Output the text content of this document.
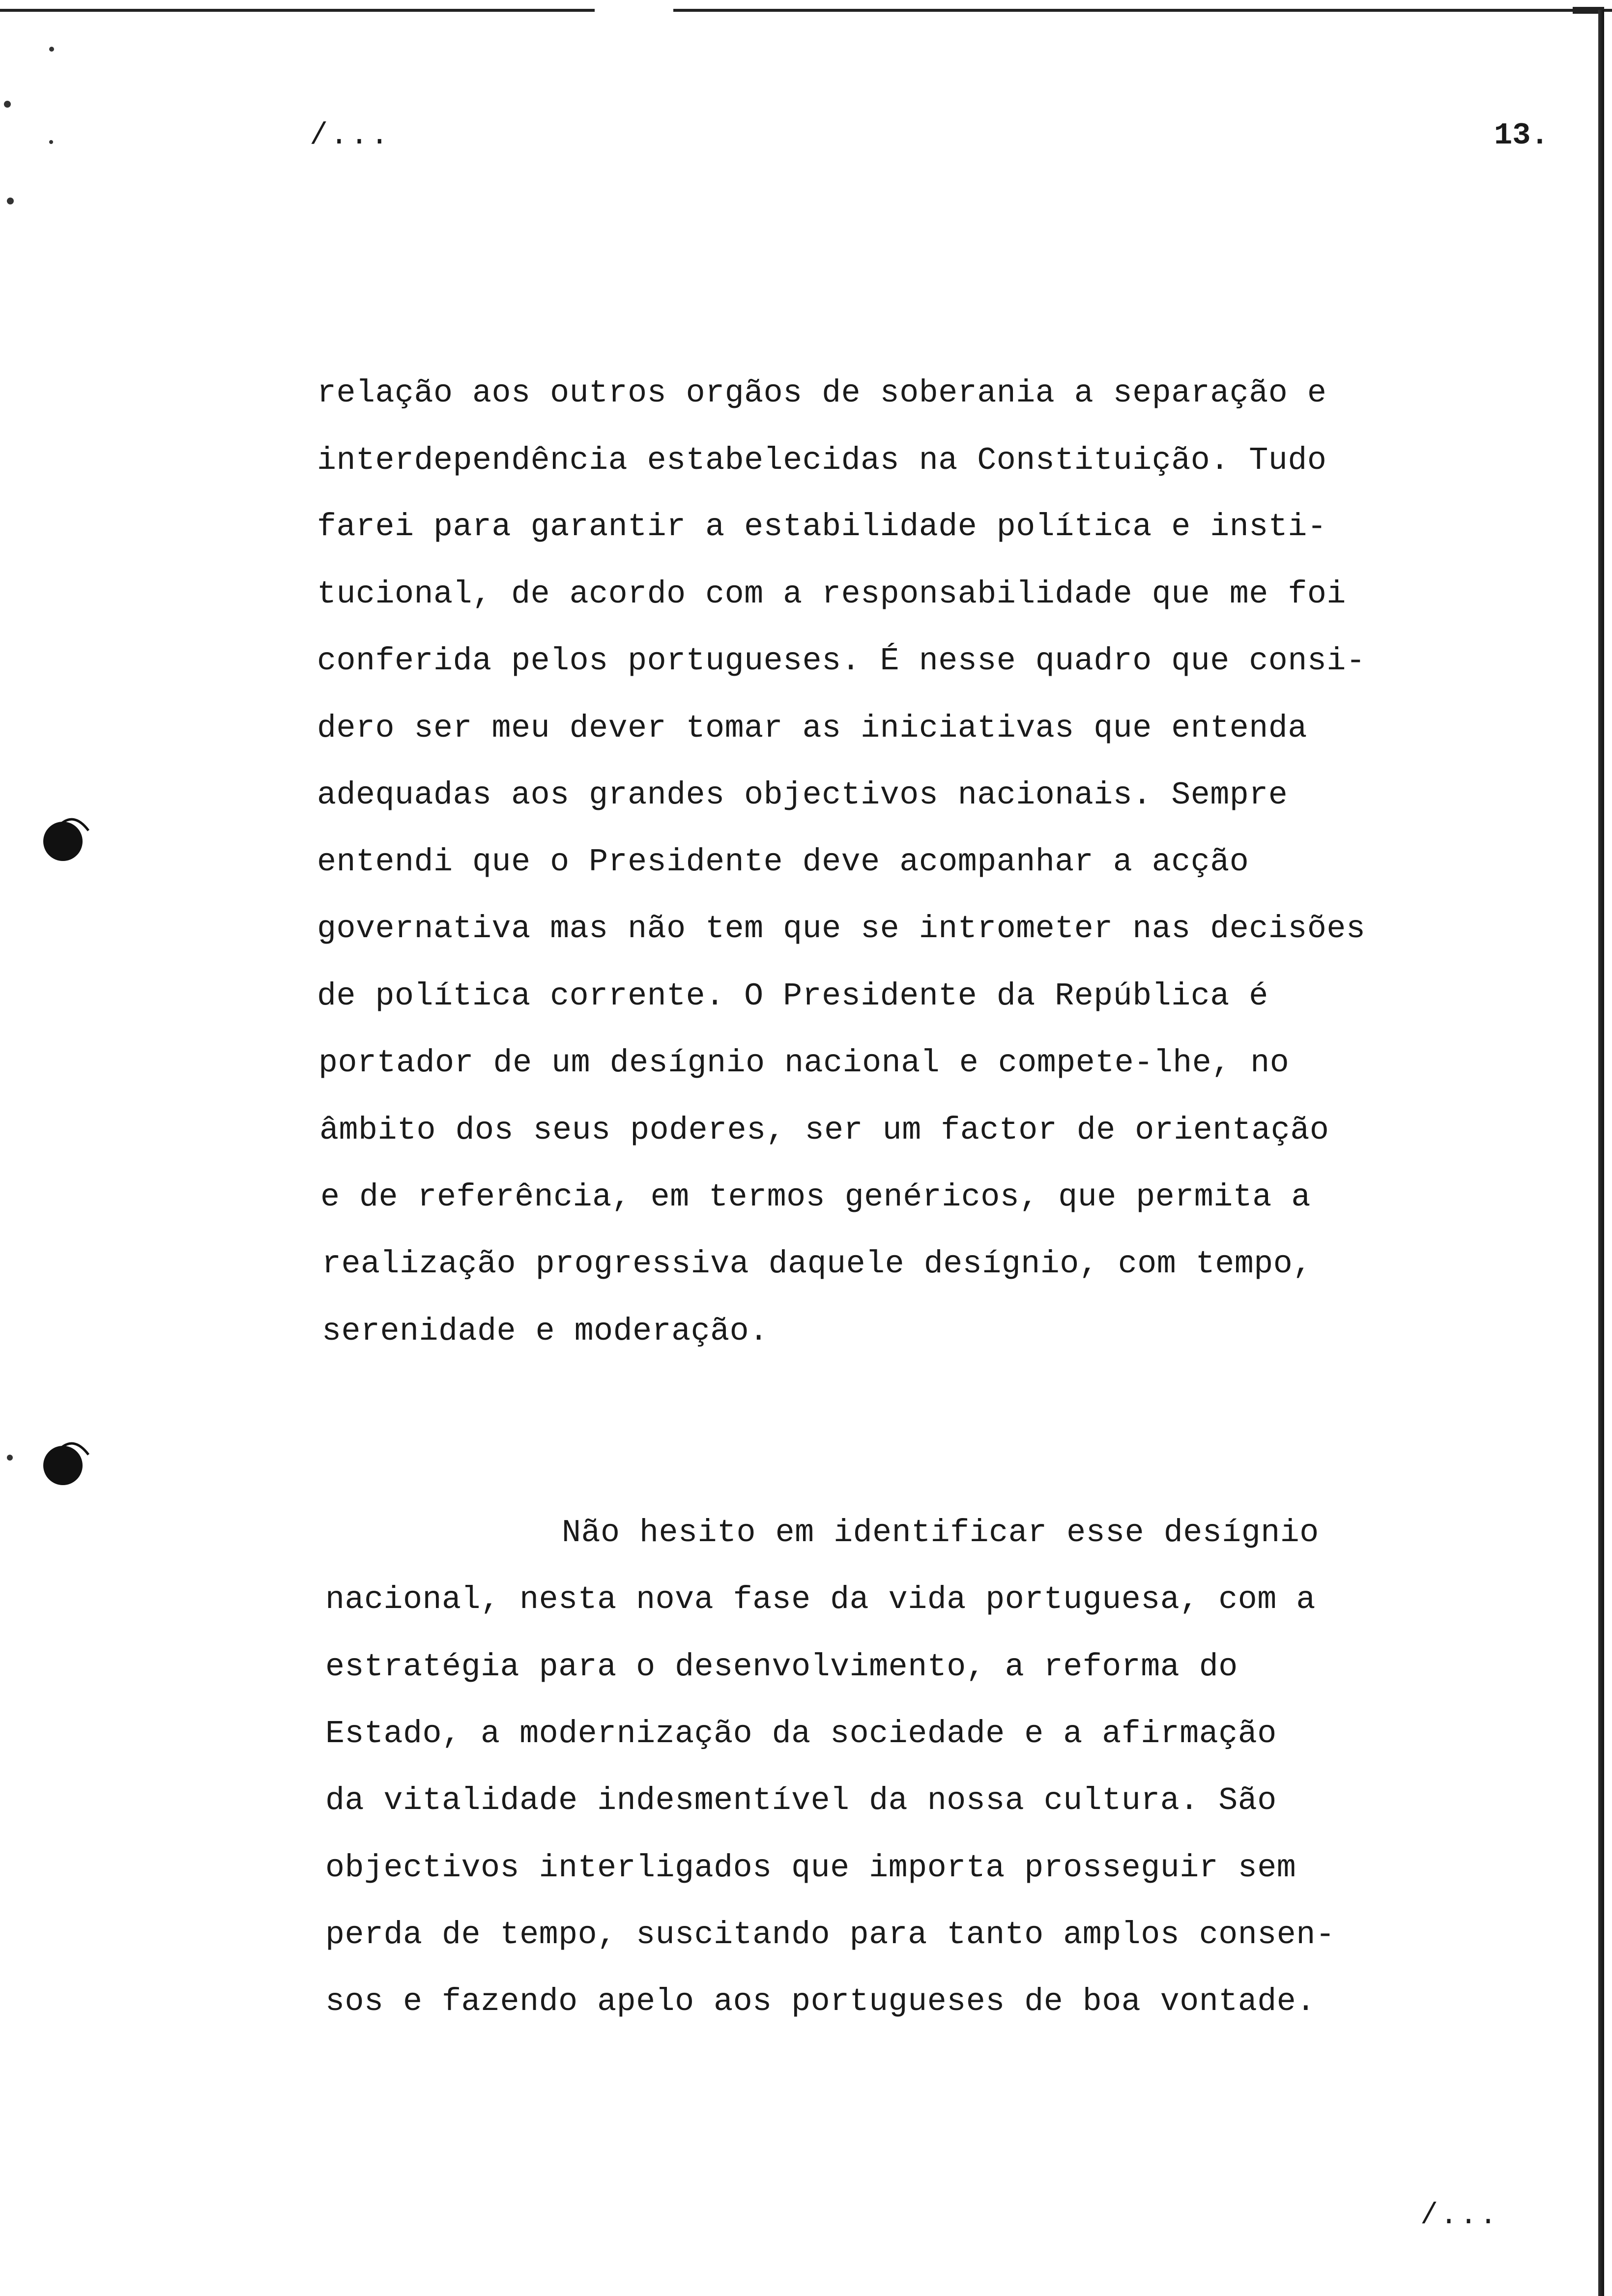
/...	13.
relação aos outros orgãos de soberania a separação e
interdependência estabelecidas na Constituição. Tudo
farei para garantir a estabilidade política e insti-
tucional, de acordo com a responsabilidade que me foi
conferida pelos portugueses. É nesse quadro que consi-
dero ser meu dever tomar as iniciativas que entenda
adequadas aos grandes objectivos nacionais. Sempre
entendi que o Presidente deve acompanhar a acção
governativa mas não tem que se intrometer nas decisões
de política corrente. O Presidente da República é
portador de um desígnio nacional e compete-lhe, no
âmbito dos seus poderes, ser um factor de orientação
e de referência, em termos genéricos, que permita a
realização progressiva daquele desígnio, com tempo,
serenidade e moderação.
Não hesito em identificar esse desígnio
nacional, nesta nova fase da vida portuguesa, com a
estratégia para o desenvolvimento, a reforma do
Estado, a modernização da sociedade e a afirmação
da vitalidade indesmentível da nossa cultura. São
objectivos interligados que importa prosseguir sem
perda de tempo, suscitando para tanto amplos consen-
sos e fazendo apelo aos portugueses de boa vontade.
/...
